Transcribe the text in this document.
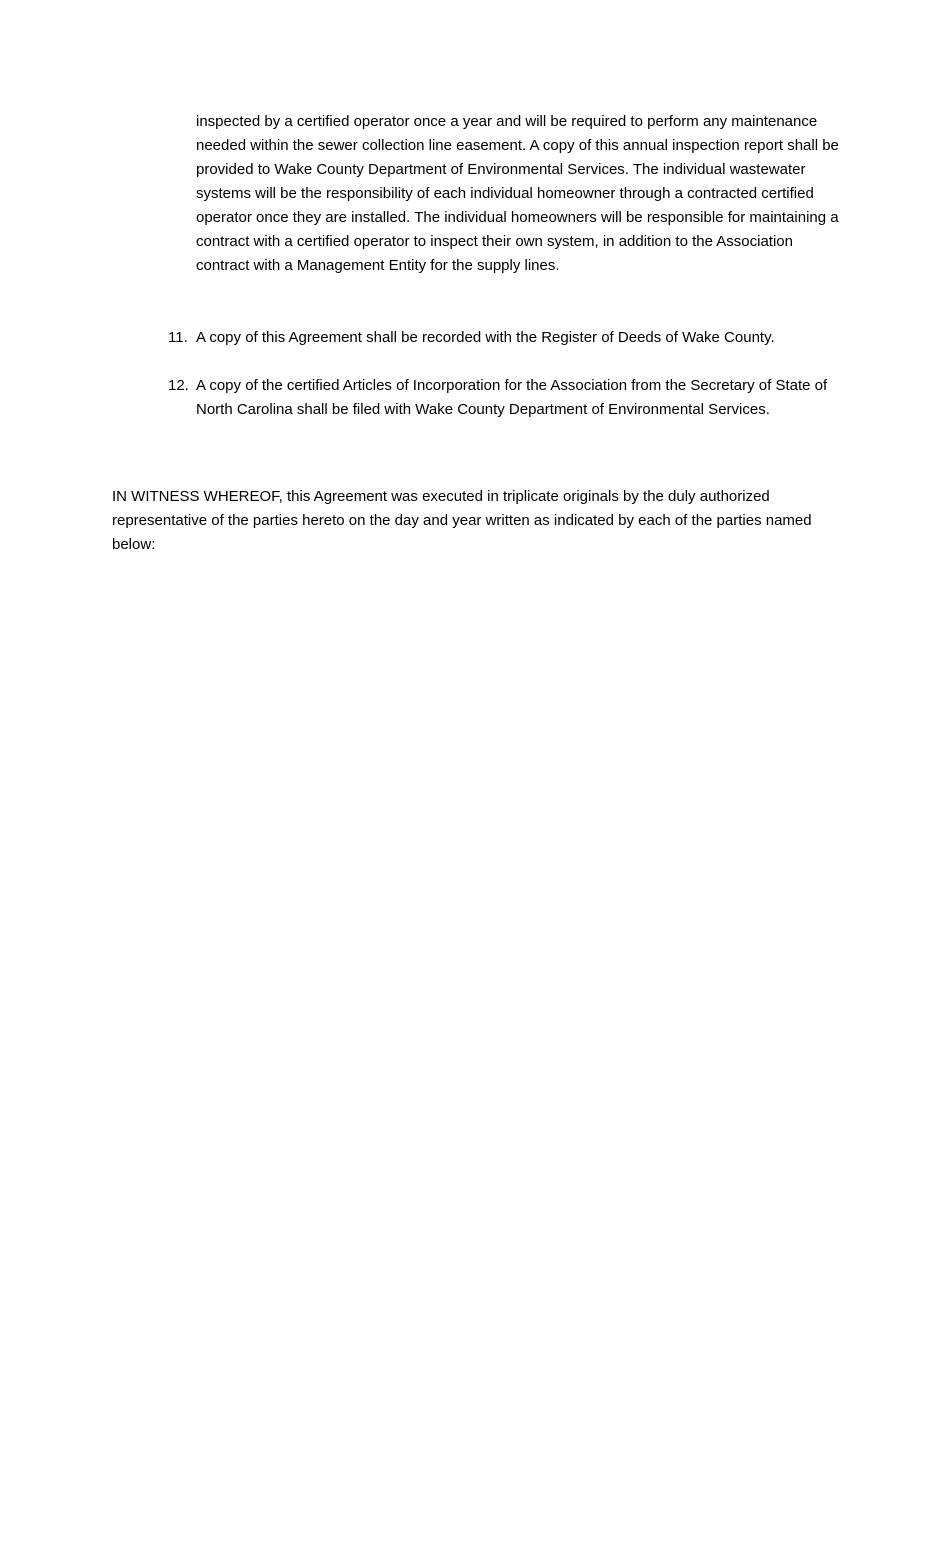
inspected by a certified operator once a year and will be required to perform any maintenance needed within the sewer collection line easement. A copy of this annual inspection report shall be provided to Wake County Department of Environmental Services. The individual wastewater systems will be the responsibility of each individual homeowner through a contracted certified operator once they are installed. The individual homeowners will be responsible for maintaining a contract with a certified operator to inspect their own system, in addition to the Association contract with a Management Entity for the supply lines.

11. A copy of this Agreement shall be recorded with the Register of Deeds of Wake County.

12. A copy of the certified Articles of Incorporation for the Association from the Secretary of State of North Carolina shall be filed with Wake County Department of Environmental Services.

IN WITNESS WHEREOF, this Agreement was executed in triplicate originals by the duly authorized representative of the parties hereto on the day and year written as indicated by each of the parties named below:
